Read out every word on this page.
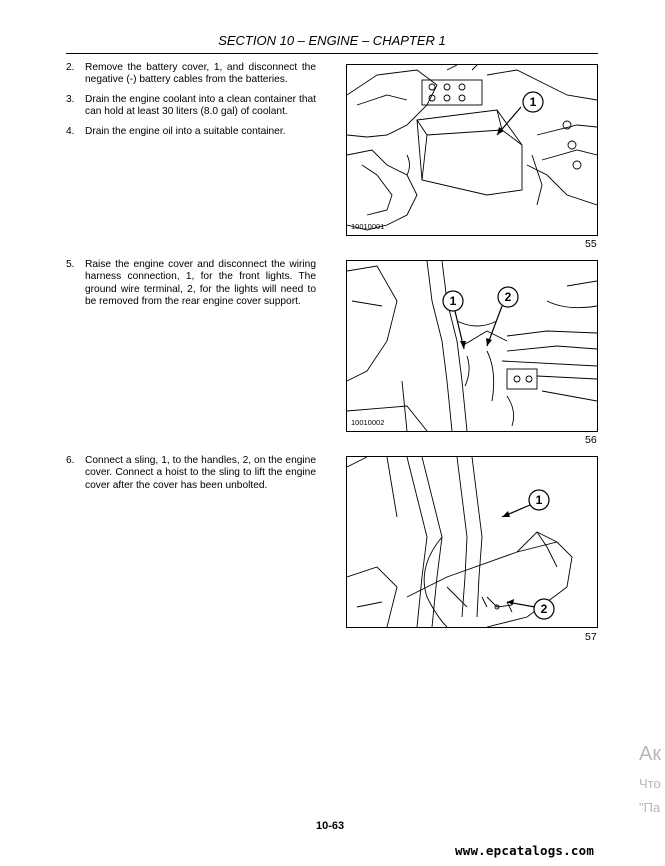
SECTION 10 – ENGINE – CHAPTER 1
2. Remove the battery cover, 1, and disconnect the negative (-) battery cables from the batteries.
3. Drain the engine coolant into a clean container that can hold at least 30 liters (8.0 gal) of coolant.
4. Drain the engine oil into a suitable container.
5. Raise the engine cover and disconnect the wiring harness connection, 1, for the front lights. The ground wire terminal, 2, for the lights will need to be removed from the rear engine cover support.
6. Connect a sling, 1, to the handles, 2, on the engine cover. Connect a hoist to the sling to lift the engine cover after the cover has been unbolted.
1
10010001
55
1	2
10010002
56
1
2
57
Ак
Что
"Па
10-63
www.epcatalogs.com
